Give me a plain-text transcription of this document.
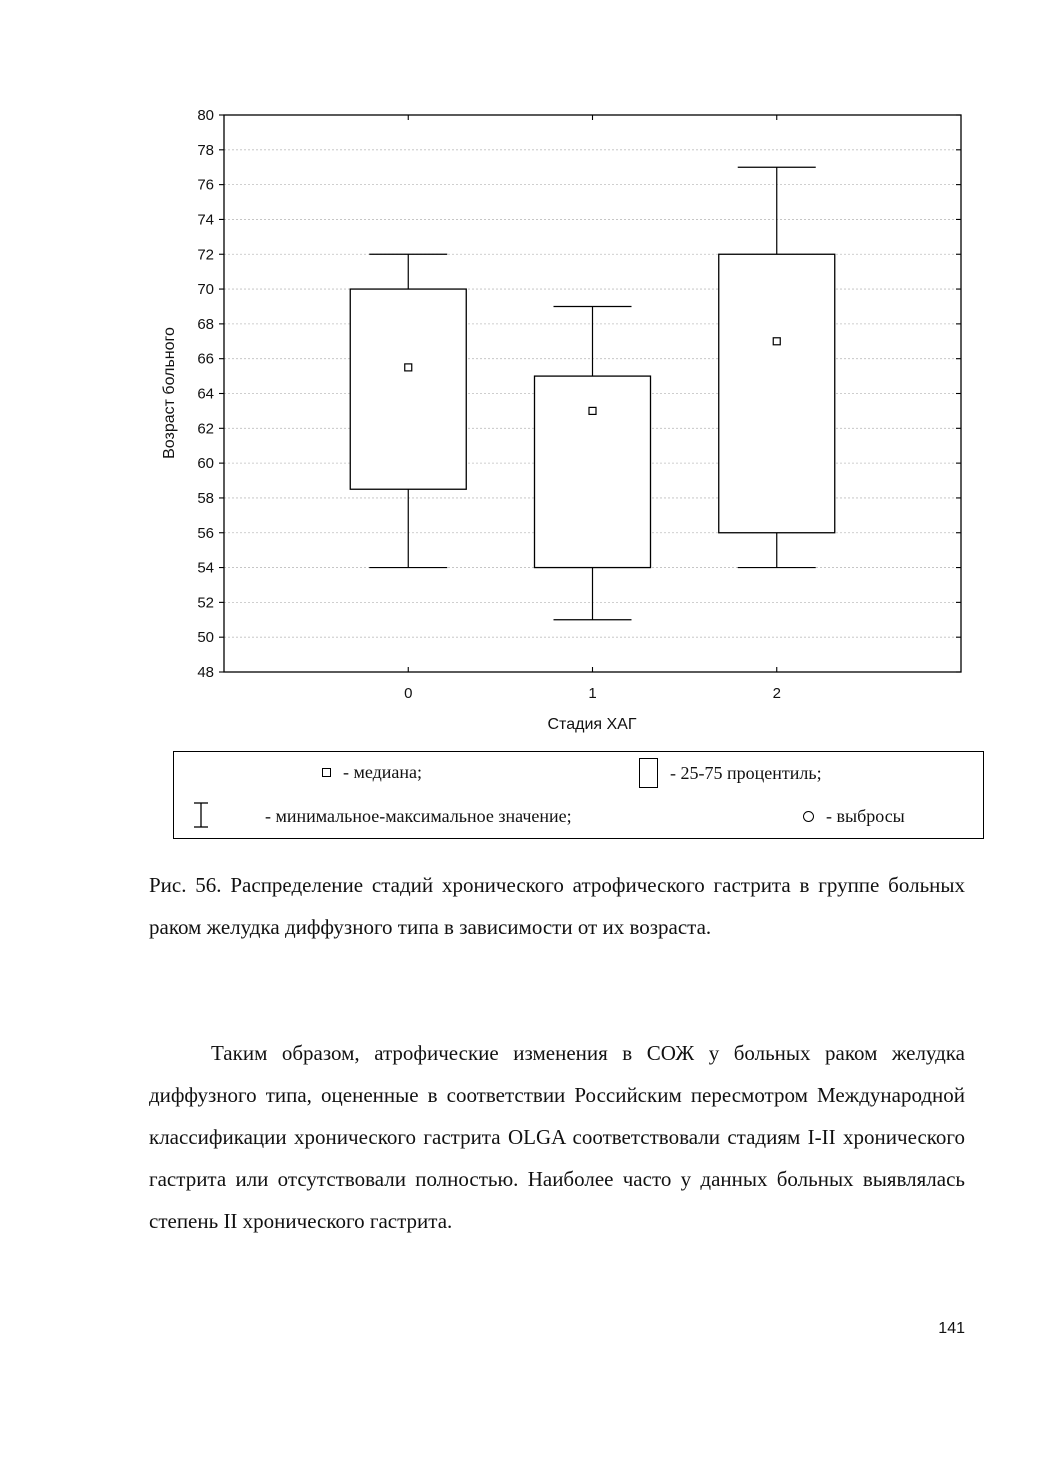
48
50
52
54
56
58
60
62
64
66
68
70
72
74
76
78
80
0	1	2
Возраст больного
Стадия ХАГ
- медиана;	- 25-75 процентиль;
- минимальное-максимальное значение;	- выбросы
Рис. 56. Распределение стадий хронического атрофического гастрита в группе больных раком желудка диффузного типа в зависимости от их возраста.
Таким образом, атрофические изменения в СОЖ у больных раком желудка диффузного типа, оцененные в соответствии Российским пересмотром Международной классификации хронического гастрита OLGA соответствовали стадиям I-II хронического гастрита или отсутствовали полностью. Наиболее часто у данных больных выявлялась степень II хронического гастрита.
141
